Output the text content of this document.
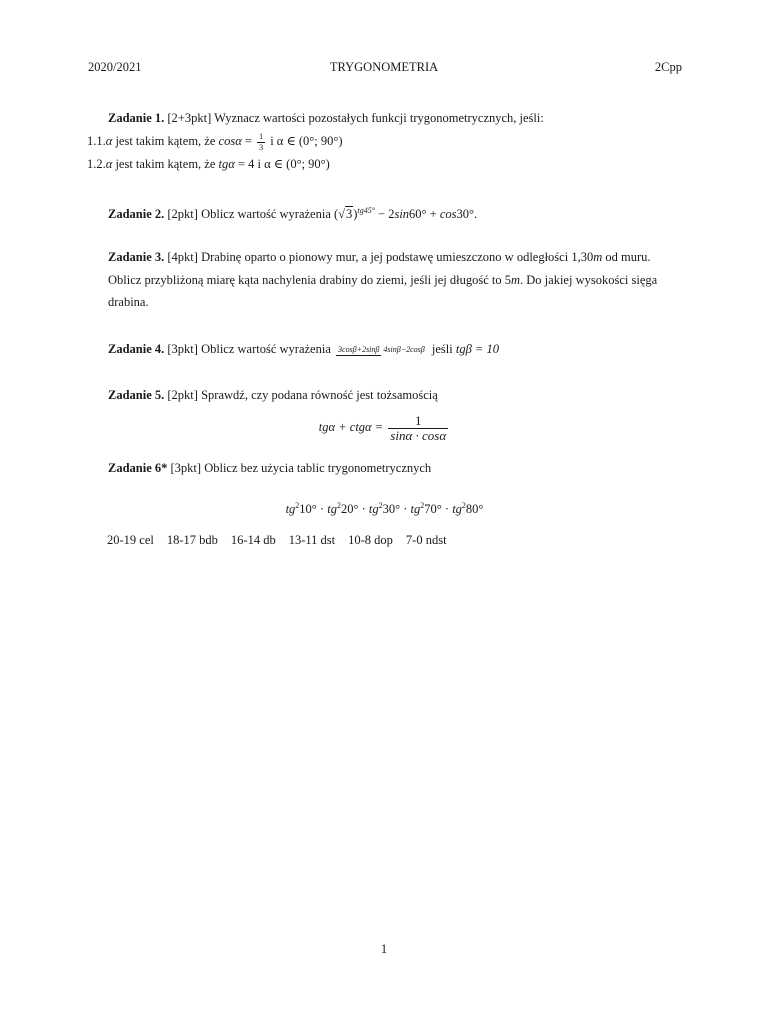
2020/2021	TRYGONOMETRIA	2Cpp
Zadanie 1. [2+3pkt] Wyznacz wartości pozostałych funkcji trygonometrycznych, jeśli:
1.1.α jest takim kątem, że $\cos\alpha = \frac{1}{3}$ i α ∈ (0°; 90°)
1.2.α jest takim kątem, że tgα = 4 i α ∈ (0°; 90°)
Zadanie 2. [2pkt] Oblicz wartość wyrażenia $(√3)^{tg45^\circ} - 2\sin 60^\circ + \cos 30^\circ$.
Zadanie 3. [4pkt] Drabinę oparto o pionowy mur, a jej podstawę umieszczono w odległości 1,30m od muru. Oblicz przybliżoną miarę kąta nachylenia drabiny do ziemi, jeśli jej długość to 5m. Do jakiej wysokości sięga drabina.
Zadanie 4. [3pkt] Oblicz wartość wyrażenia 3cosβ+2sinβ 4sinβ−2cosβ jeśli tgβ = 10
Zadanie 5. [2pkt] Sprawdź, czy podana równość jest tożsamością
$tg\alpha + ctg\alpha = \frac{1}{\sin\alpha \cdot \cos\alpha}$
Zadanie 6* [3pkt] Oblicz bez użycia tablic trygonometrycznych
$tg^210^\circ \cdot tg^220^\circ \cdot tg^230^\circ \cdot tg^270^\circ \cdot tg^280^\circ$
20-19 cel 18-17 bdb 16-14 db 13-11 dst 10-8 dop 7-0 ndst
1
